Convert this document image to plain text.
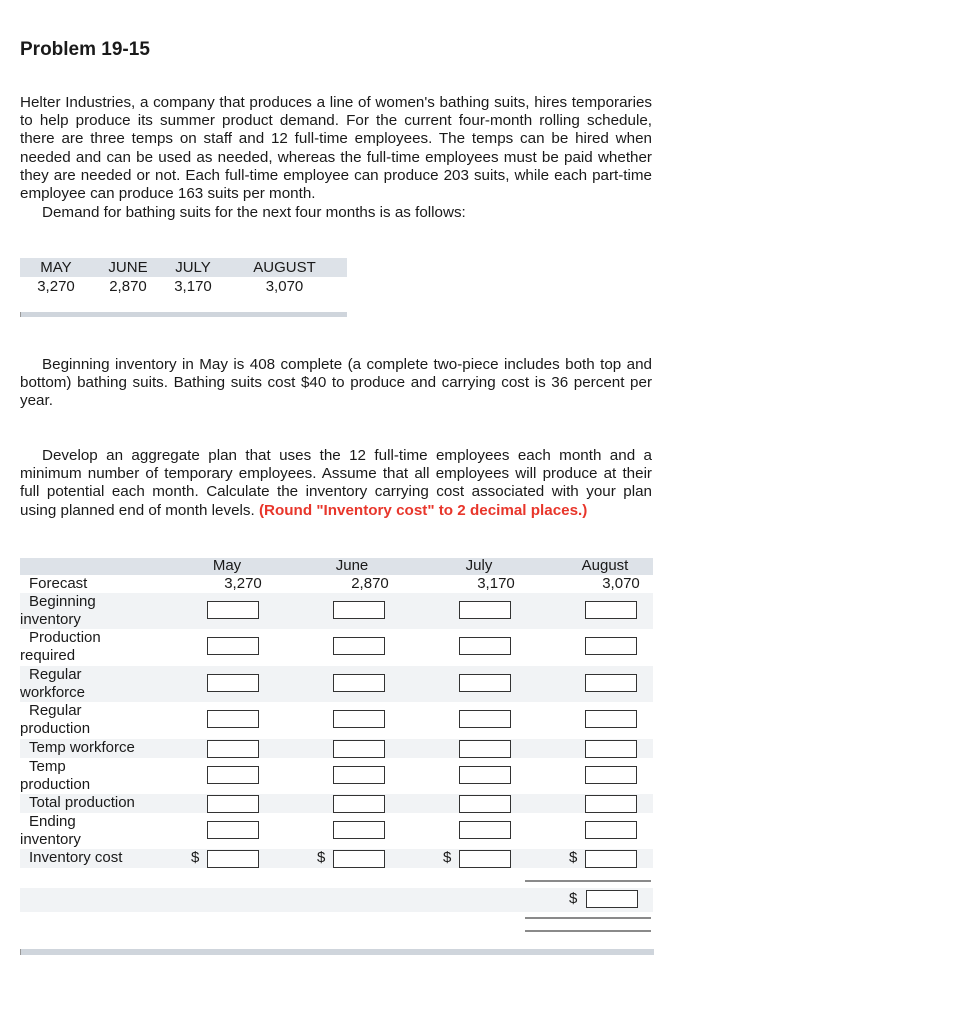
Problem 19-15

Helter Industries, a company that produces a line of women's bathing suits, hires temporaries to help produce its summer product demand. For the current four-month rolling schedule, there are three temps on staff and 12 full-time employees. The temps can be hired when needed and can be used as needed, whereas the full-time employees must be paid whether they are needed or not. Each full-time employee can produce 203 suits, while each part-time employee can produce 163 suits per month.

Demand for bathing suits for the next four months is as follows:

MAY	JUNE	JULY	AUGUST
3,270	2,870	3,170	3,070

Beginning inventory in May is 408 complete (a complete two-piece includes both top and bottom) bathing suits. Bathing suits cost $40 to produce and carrying cost is 36 percent per year.

Develop an aggregate plan that uses the 12 full-time employees each month and a minimum number of temporary employees. Assume that all employees will produce at their full potential each month. Calculate the inventory carrying cost associated with your plan using planned end of month levels. (Round "Inventory cost" to 2 decimal places.)

May	June	July	August
Forecast	3,270	2,870	3,170	3,070
Beginning
inventory
Production
required
Regular
workforce
Regular
production
Temp workforce
Temp
production
Total production
Ending
inventory
Inventory cost	$	$	$	$
$
